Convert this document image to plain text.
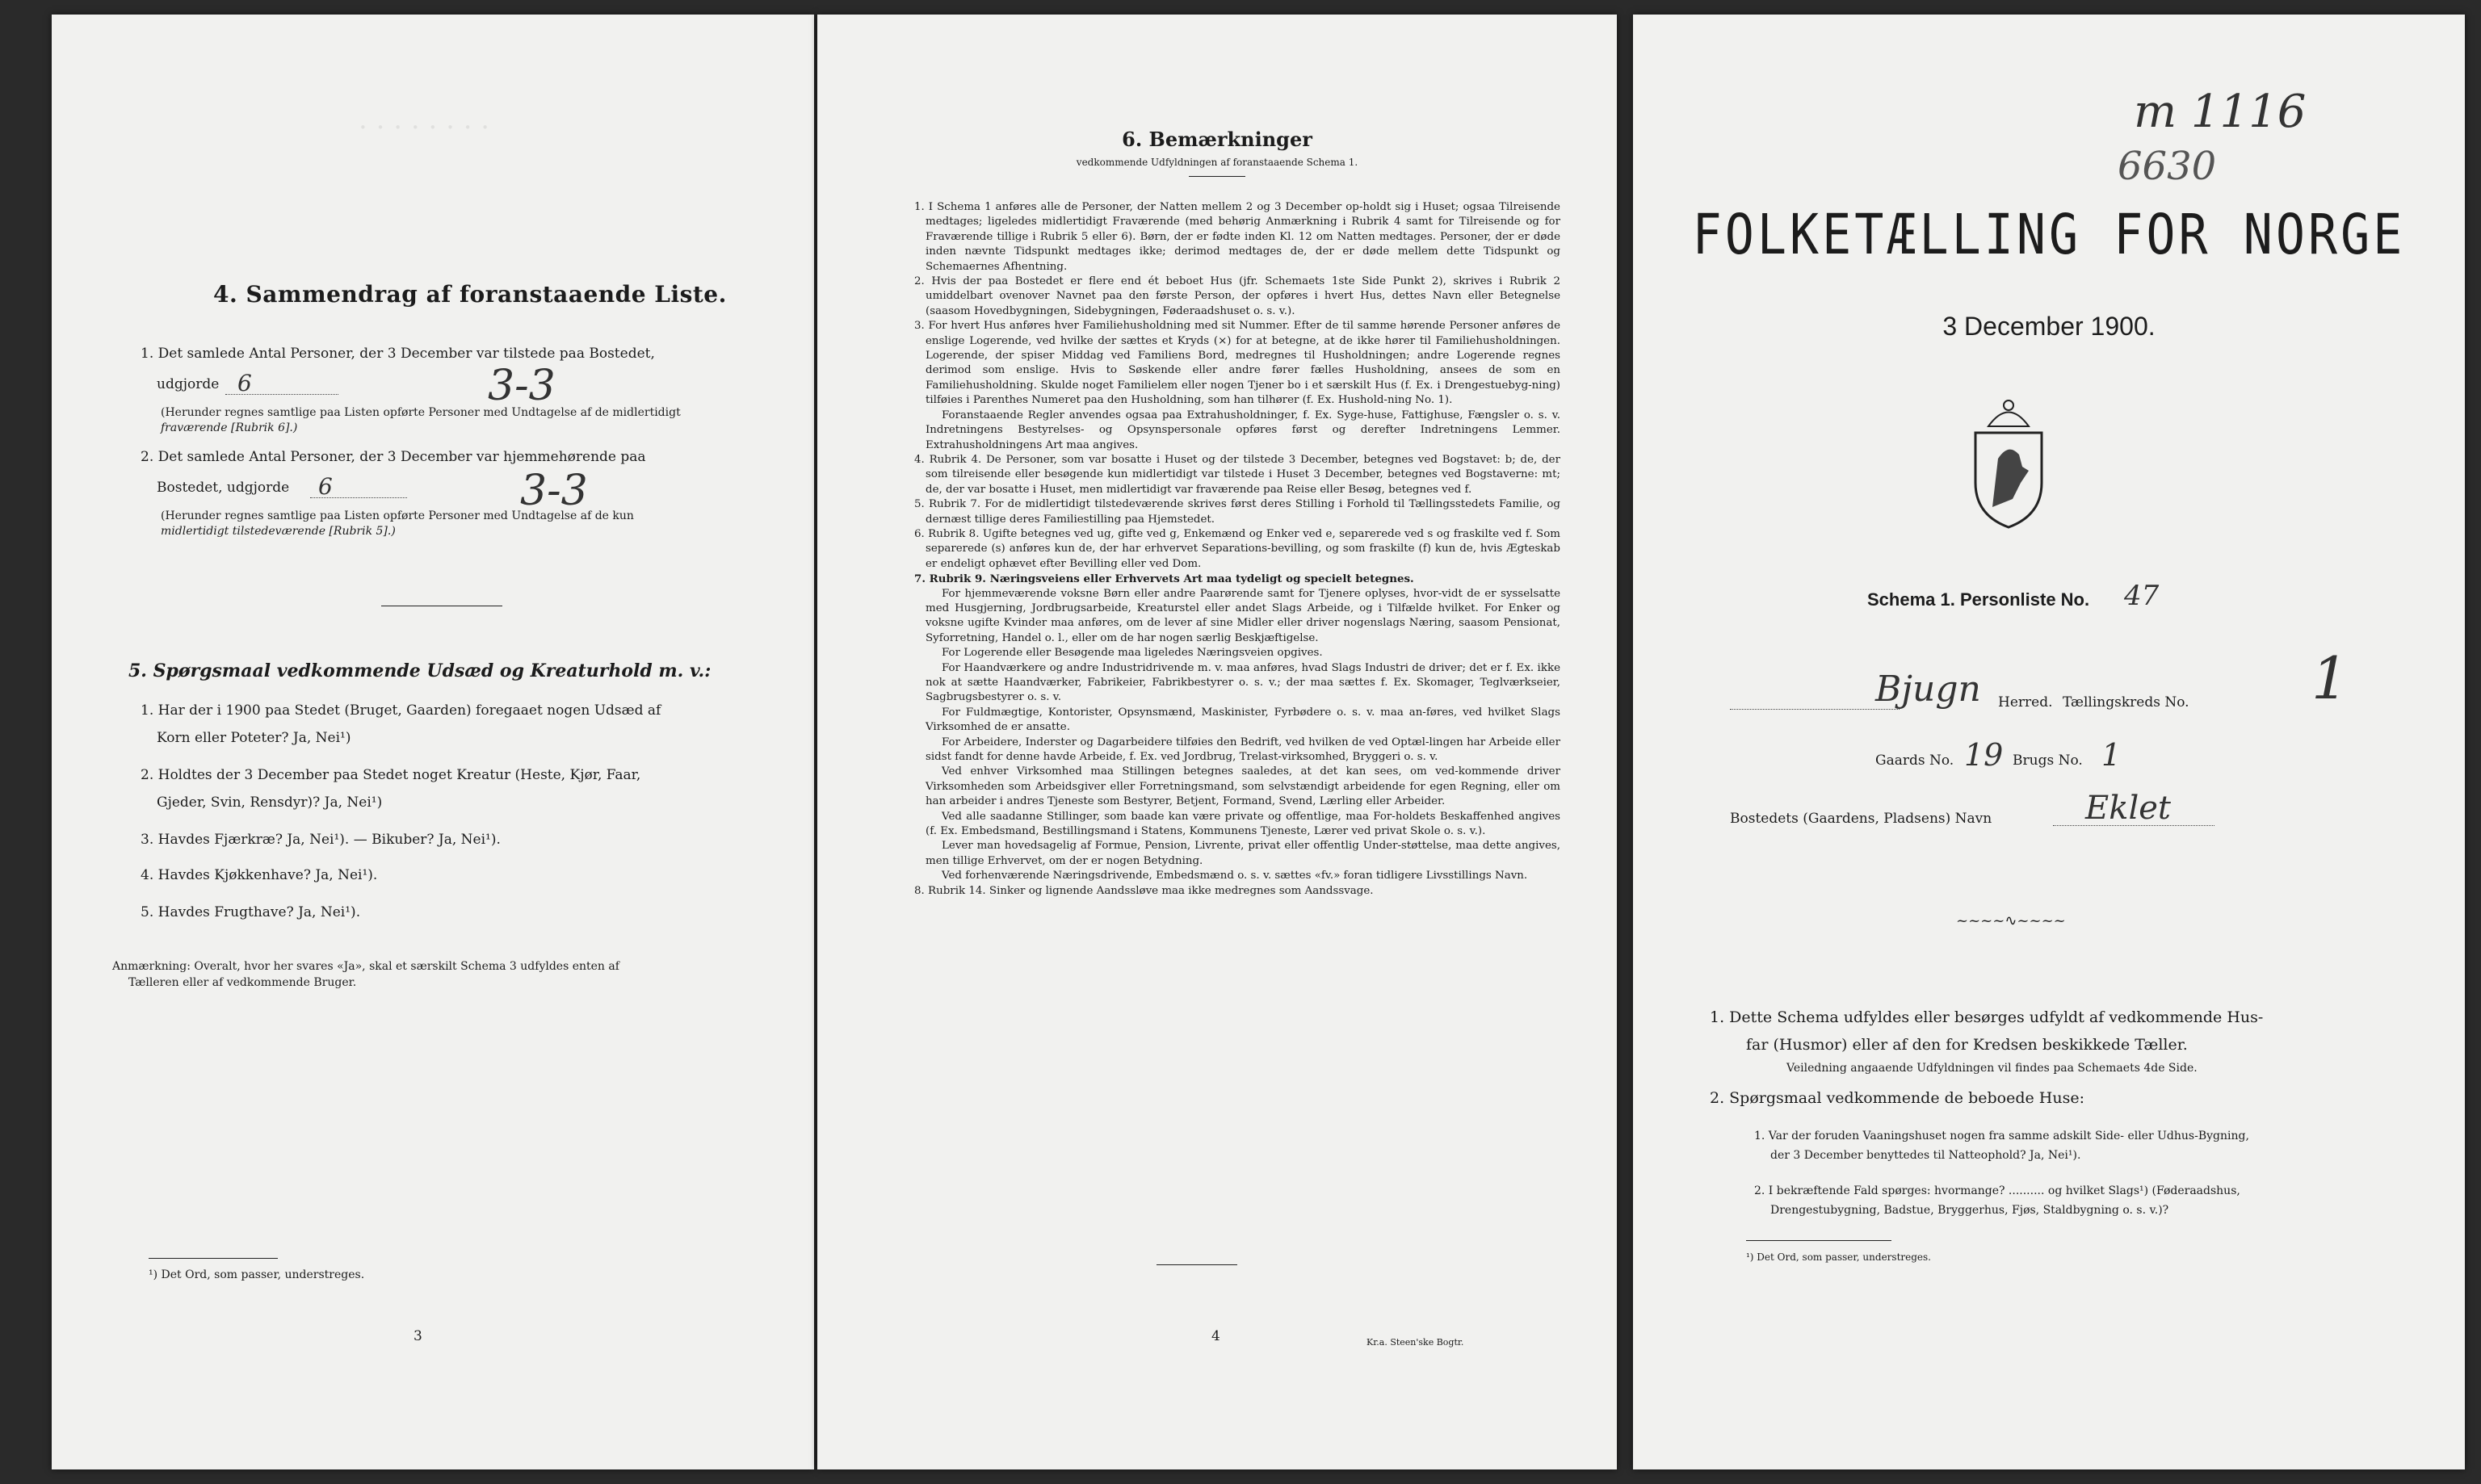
· · · · · · · ·
4. Sammendrag af foranstaaende Liste.
1. Det samlede Antal Personer, der 3 December var tilstede paa Bostedet,
udgjorde 6	3-3
(Herunder regnes samtlige paa Listen opførte Personer med Undtagelse af de midlertidigt
fraværende [Rubrik 6].)
2. Det samlede Antal Personer, der 3 December var hjemmehørende paa
Bostedet, udgjorde 6	3-3
(Herunder regnes samtlige paa Listen opførte Personer med Undtagelse af de kun
midlertidigt tilstedeværende [Rubrik 5].)
5. Spørgsmaal vedkommende Udsæd og Kreaturhold m. v.:
1. Har der i 1900 paa Stedet (Bruget, Gaarden) foregaaet nogen Udsæd af
Korn eller Poteter? Ja, Nei¹)
2. Holdtes der 3 December paa Stedet noget Kreatur (Heste, Kjør, Faar,
Gjeder, Svin, Rensdyr)? Ja, Nei¹)
3. Havdes Fjærkræ? Ja, Nei¹). — Bikuber? Ja, Nei¹).
4. Havdes Kjøkkenhave? Ja, Nei¹).
5. Havdes Frugthave? Ja, Nei¹).
Anmærkning: Overalt, hvor her svares «Ja», skal et særskilt Schema 3 udfyldes enten af
Tælleren eller af vedkommende Bruger.
¹) Det Ord, som passer, understreges.
3
6. Bemærkninger
vedkommende Udfyldningen af foranstaaende Schema 1.

1. I Schema 1 anføres alle de Personer, der Natten mellem 2 og 3 December op-holdt sig i Huset; ogsaa Tilreisende medtages; ligeledes midlertidigt Fraværende (med behørig Anmærkning i Rubrik 4 samt for Tilreisende og for Fraværende tillige i Rubrik 5 eller 6). Børn, der er fødte inden Kl. 12 om Natten medtages. Personer, der er døde inden nævnte Tidspunkt medtages ikke; derimod medtages de, der er døde mellem dette Tidspunkt og Schemaernes Afhentning.

2. Hvis der paa Bostedet er flere end ét beboet Hus (jfr. Schemaets 1ste Side Punkt 2), skrives i Rubrik 2 umiddelbart ovenover Navnet paa den første Person, der opføres i hvert Hus, dettes Navn eller Betegnelse (saasom Hovedbygningen, Sidebygningen, Føderaadshuset o. s. v.).

3. For hvert Hus anføres hver Familiehusholdning med sit Nummer. Efter de til samme hørende Personer anføres de enslige Logerende, ved hvilke der sættes et Kryds (×) for at betegne, at de ikke hører til Familiehusholdningen. Logerende, der spiser Middag ved Familiens Bord, medregnes til Husholdningen; andre Logerende regnes derimod som enslige. Hvis to Søskende eller andre fører fælles Husholdning, ansees de som en Familiehusholdning. Skulde noget Familielem eller nogen Tjener bo i et særskilt Hus (f. Ex. i Drengestuebyg-ning) tilføies i Parenthes Numeret paa den Husholdning, som han tilhører (f. Ex. Hushold-ning No. 1).

Foranstaaende Regler anvendes ogsaa paa Extrahusholdninger, f. Ex. Syge-huse, Fattighuse, Fængsler o. s. v. Indretningens Bestyrelses- og Opsynspersonale opføres først og derefter Indretningens Lemmer. Extrahusholdningens Art maa angives.

4. Rubrik 4. De Personer, som var bosatte i Huset og der tilstede 3 December, betegnes ved Bogstavet: b; de, der som tilreisende eller besøgende kun midlertidigt var tilstede i Huset 3 December, betegnes ved Bogstaverne: mt; de, der var bosatte i Huset, men midlertidigt var fraværende paa Reise eller Besøg, betegnes ved f.

5. Rubrik 7. For de midlertidigt tilstedeværende skrives først deres Stilling i Forhold til Tællingsstedets Familie, og dernæst tillige deres Familiestilling paa Hjemstedet.

6. Rubrik 8. Ugifte betegnes ved ug, gifte ved g, Enkemænd og Enker ved e, separerede ved s og fraskilte ved f. Som separerede (s) anføres kun de, der har erhvervet Separations-bevilling, og som fraskilte (f) kun de, hvis Ægteskab er endeligt ophævet efter Bevilling eller ved Dom.

7. Rubrik 9. Næringsveiens eller Erhvervets Art maa tydeligt og specielt betegnes.

For hjemmeværende voksne Børn eller andre Paarørende samt for Tjenere oplyses, hvor-vidt de er sysselsatte med Husgjerning, Jordbrugsarbeide, Kreaturstel eller andet Slags Arbeide, og i Tilfælde hvilket. For Enker og voksne ugifte Kvinder maa anføres, om de lever af sine Midler eller driver nogenslags Næring, saasom Pensionat, Syforretning, Handel o. l., eller om de har nogen særlig Beskjæftigelse.

For Logerende eller Besøgende maa ligeledes Næringsveien opgives.

For Haandværkere og andre Industridrivende m. v. maa anføres, hvad Slags Industri de driver; det er f. Ex. ikke nok at sætte Haandværker, Fabrikeier, Fabrikbestyrer o. s. v.; der maa sættes f. Ex. Skomager, Teglværkseier, Sagbrugsbestyrer o. s. v.

For Fuldmægtige, Kontorister, Opsynsmænd, Maskinister, Fyrbødere o. s. v. maa an-føres, ved hvilket Slags Virksomhed de er ansatte.

For Arbeidere, Inderster og Dagarbeidere tilføies den Bedrift, ved hvilken de ved Optæl-lingen har Arbeide eller sidst fandt for denne havde Arbeide, f. Ex. ved Jordbrug, Trelast-virksomhed, Bryggeri o. s. v.

Ved enhver Virksomhed maa Stillingen betegnes saaledes, at det kan sees, om ved-kommende driver Virksomheden som Arbeidsgiver eller Forretningsmand, som selvstændigt arbeidende for egen Regning, eller om han arbeider i andres Tjeneste som Bestyrer, Betjent, Formand, Svend, Lærling eller Arbeider.

Ved alle saadanne Stillinger, som baade kan være private og offentlige, maa For-holdets Beskaffenhed angives (f. Ex. Embedsmand, Bestillingsmand i Statens, Kommunens Tjeneste, Lærer ved privat Skole o. s. v.).

Lever man hovedsagelig af Formue, Pension, Livrente, privat eller offentlig Under-støttelse, maa dette angives, men tillige Erhvervet, om der er nogen Betydning.

Ved forhenværende Næringsdrivende, Embedsmænd o. s. v. sættes «fv.» foran tidligere Livsstillings Navn.

8. Rubrik 14. Sinker og lignende Aandssløve maa ikke medregnes som Aandssvage.

4	Kr.a. Steen'ske Bogtr.
m 1116
6630
FOLKETÆLLING FOR NORGE
3 December 1900.
Schema 1. Personliste No. 47
Bjugn Herred. Tællingskreds No. 1
Gaards No. 19 Brugs No. 1
Bostedets (Gaardens, Pladsens) Navn	Eklet
~~~~∿~~~~
1. Dette Schema udfyldes eller besørges udfyldt af vedkommende Hus-
far (Husmor) eller af den for Kredsen beskikkede Tæller.
Veiledning angaaende Udfyldningen vil findes paa Schemaets 4de Side.
2. Spørgsmaal vedkommende de beboede Huse:
1. Var der foruden Vaaningshuset nogen fra samme adskilt Side- eller Udhus-Bygning,
der 3 December benyttedes til Natteophold? Ja, Nei¹).
2. I bekræftende Fald spørges: hvormange? .......... og hvilket Slags¹) (Føderaadshus,
Drengestubygning, Badstue, Bryggerhus, Fjøs, Staldbygning o. s. v.)?
¹) Det Ord, som passer, understreges.
